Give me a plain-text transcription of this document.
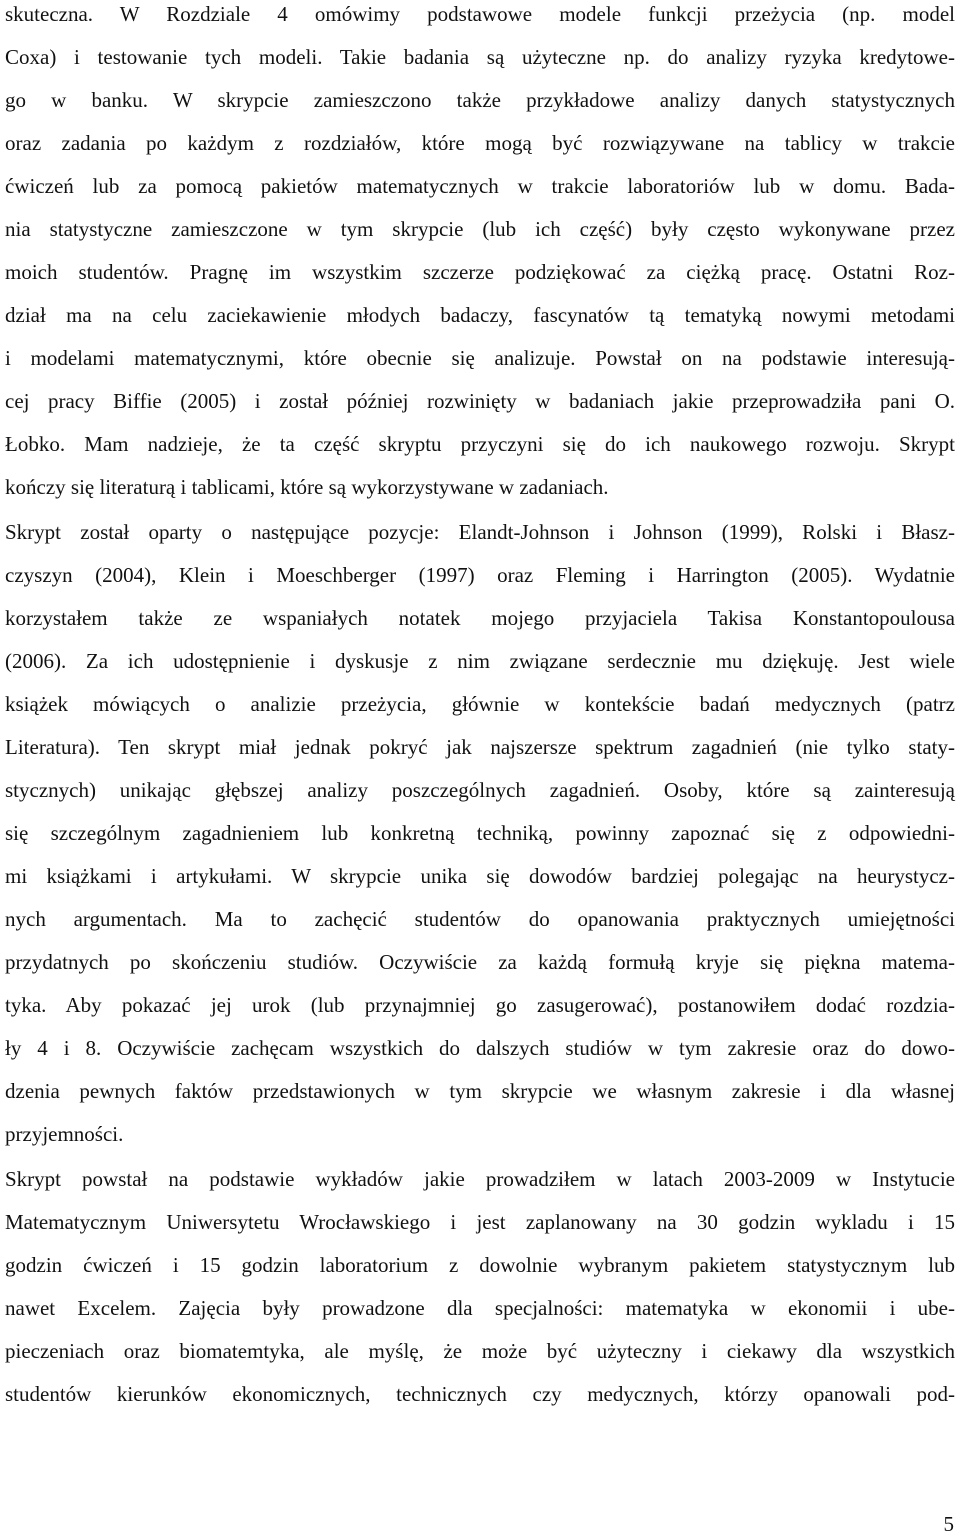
skuteczna. W Rozdziale 4 omówimy podstawowe modele funkcji przeżycia (np. model
Coxa) i testowanie tych modeli. Takie badania są użyteczne np. do analizy ryzyka kredytowe-
go w banku. W skrypcie zamieszczono także przykładowe analizy danych statystycznych
oraz zadania po każdym z rozdziałów, które mogą być rozwiązywane na tablicy w trakcie
ćwiczeń lub za pomocą pakietów matematycznych w trakcie laboratoriów lub w domu. Bada-
nia statystyczne zamieszczone w tym skrypcie (lub ich część) były często wykonywane przez
moich studentów. Pragnę im wszystkim szczerze podziękować za ciężką pracę. Ostatni Roz-
dział ma na celu zaciekawienie młodych badaczy, fascynatów tą tematyką nowymi metodami
i modelami matematycznymi, które obecnie się analizuje. Powstał on na podstawie interesują-
cej pracy Biffie (2005) i został później rozwinięty w badaniach jakie przeprowadziła pani O.
Łobko. Mam nadzieje, że ta część skryptu przyczyni się do ich naukowego rozwoju. Skrypt
kończy się literaturą i tablicami, które są wykorzystywane w zadaniach.
Skrypt został oparty o następujące pozycje: Elandt-Johnson i Johnson (1999), Rolski i Błasz-
czyszyn (2004), Klein i Moeschberger (1997) oraz Fleming i Harrington (2005). Wydatnie
korzystałem także ze wspaniałych notatek mojego przyjaciela Takisa Konstantopoulousa
(2006). Za ich udostępnienie i dyskusje z nim związane serdecznie mu dziękuję. Jest wiele
książek mówiących o analizie przeżycia, głównie w kontekście badań medycznych (patrz
Literatura). Ten skrypt miał jednak pokryć jak najszersze spektrum zagadnień (nie tylko staty-
stycznych) unikając głębszej analizy poszczególnych zagadnień. Osoby, które są zainteresują
się szczególnym zagadnieniem lub konkretną techniką, powinny zapoznać się z odpowiedni-
mi książkami i artykułami. W skrypcie unika się dowodów bardziej polegając na heurystycz-
nych argumentach. Ma to zachęcić studentów do opanowania praktycznych umiejętności
przydatnych po skończeniu studiów. Oczywiście za każdą formułą kryje się piękna matema-
tyka. Aby pokazać jej urok (lub przynajmniej go zasugerować), postanowiłem dodać rozdzia-
ły 4 i 8. Oczywiście zachęcam wszystkich do dalszych studiów w tym zakresie oraz do dowo-
dzenia pewnych faktów przedstawionych w tym skrypcie we własnym zakresie i dla własnej
przyjemności.
Skrypt powstał na podstawie wykładów jakie prowadziłem w latach 2003-2009 w Instytucie
Matematycznym Uniwersytetu Wrocławskiego i jest zaplanowany na 30 godzin wykladu i 15
godzin ćwiczeń i 15 godzin laboratorium z dowolnie wybranym pakietem statystycznym lub
nawet Excelem. Zajęcia były prowadzone dla specjalności: matematyka w ekonomii i ube-
pieczeniach oraz biomatemtyka, ale myślę, że może być użyteczny i ciekawy dla wszystkich
studentów kierunków ekonomicznych, technicznych czy medycznych, którzy opanowali pod-
5
